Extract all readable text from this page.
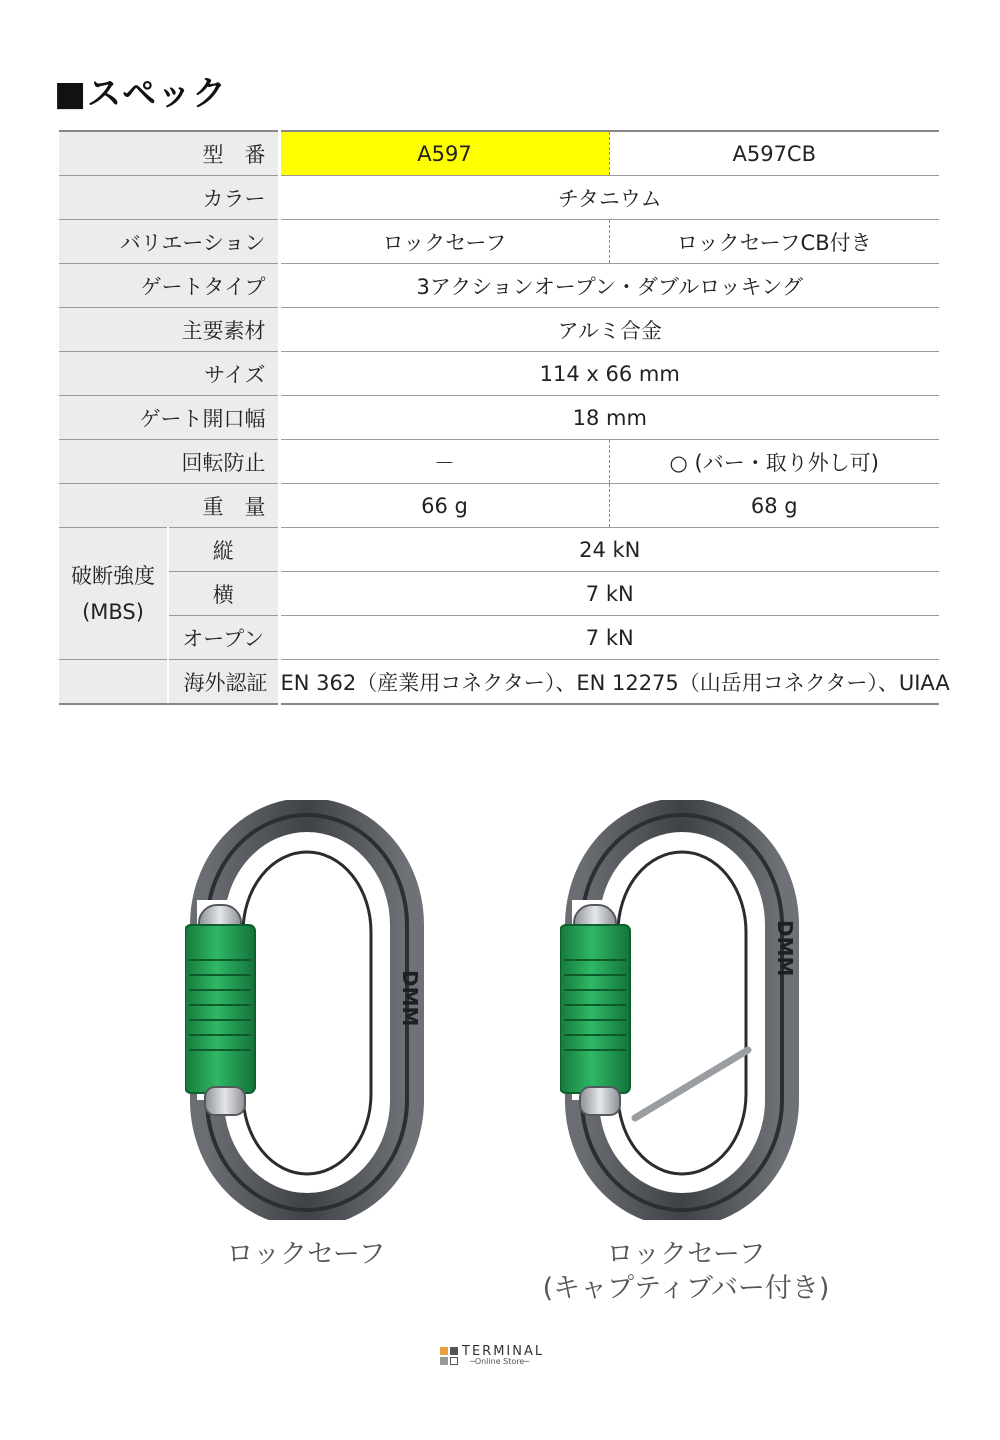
■スペック
型　番		A597	A597CB
カラー		チタニウム	
バリエーション		ロックセーフ	ロックセーフCB付き
ゲートタイプ		3アクションオープン・ダブルロッキング	
主要素材		アルミ合金	
サイズ		114 x 66 mm	
ゲート開口幅		18 mm	
回転防止		－	○ (バー・取り外し可)
重　量		66 g	68 g
破断強度
(MBS)	縦	24 kN	
	横	7 kN	
	オープン	7 kN	
	海外認証	EN 362（産業用コネクター）、EN 12275（山岳用コネクター）、UIAA	
DMM
ロックセーフ
DMM
ロックセーフ
(キャプティブバー付き)
TERMINAL
─Online Store─
